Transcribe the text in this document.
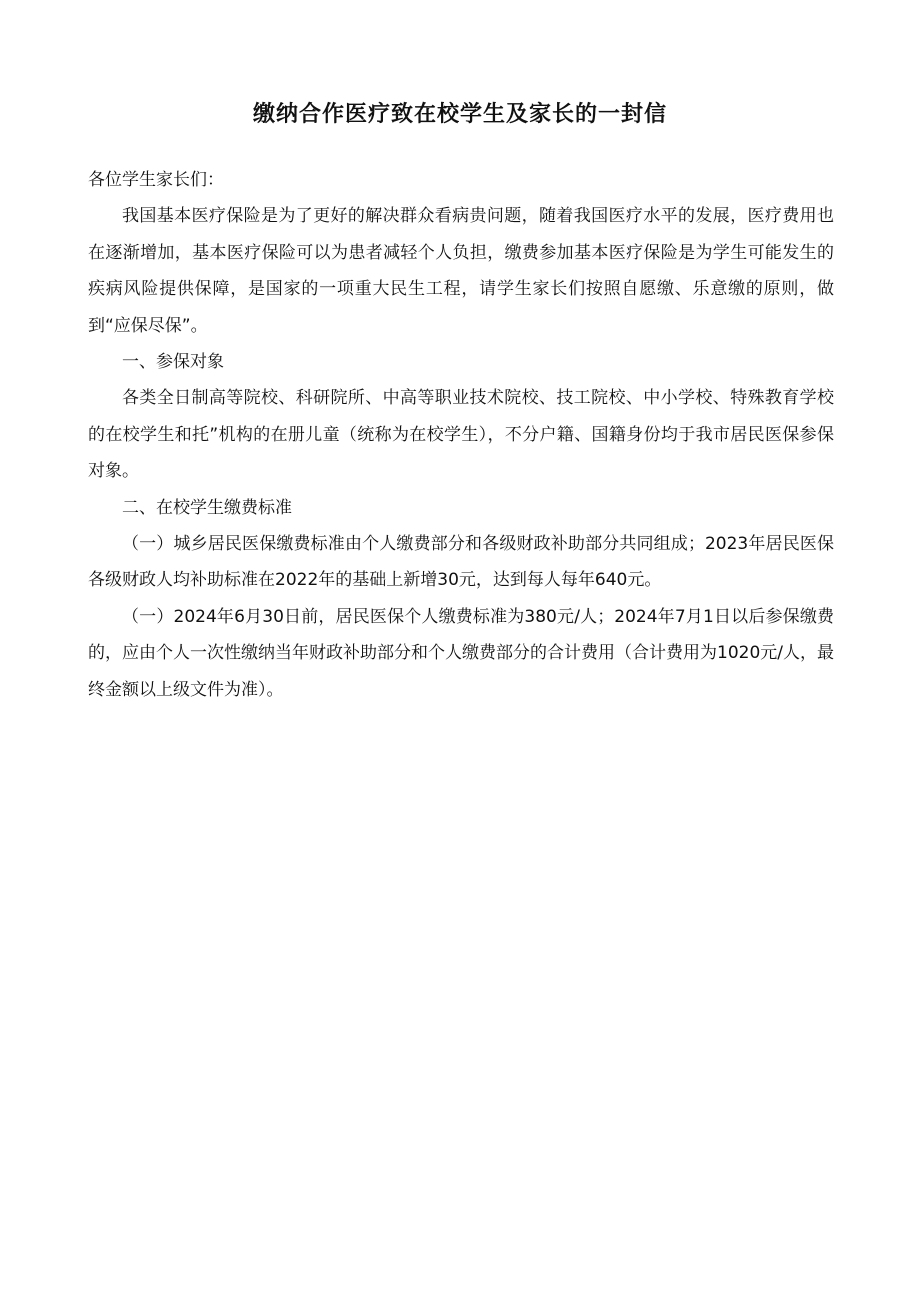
缴纳合作医疗致在校学生及家长的一封信

各位学生家长们：

我国基本医疗保险是为了更好的解决群众看病贵问题，随着我国医疗水平的发展，医疗费用也在逐渐增加，基本医疗保险可以为患者减轻个人负担，缴费参加基本医疗保险是为学生可能发生的疾病风险提供保障，是国家的一项重大民生工程，请学生家长们按照自愿缴、乐意缴的原则，做到“应保尽保”。

一、参保对象

各类全日制高等院校、科研院所、中高等职业技术院校、技工院校、中小学校、特殊教育学校的在校学生和托”机构的在册儿童（统称为在校学生），不分户籍、国籍身份均于我市居民医保参保对象。

二、在校学生缴费标准

（一）城乡居民医保缴费标准由个人缴费部分和各级财政补助部分共同组成；2023年居民医保各级财政人均补助标准在2022年的基础上新增30元，达到每人每年640元。

（一）2024年6月30日前，居民医保个人缴费标准为380元/人；2024年7月1日以后参保缴费的，应由个人一次性缴纳当年财政补助部分和个人缴费部分的合计费用（合计费用为1020元/人，最终金额以上级文件为准）。
